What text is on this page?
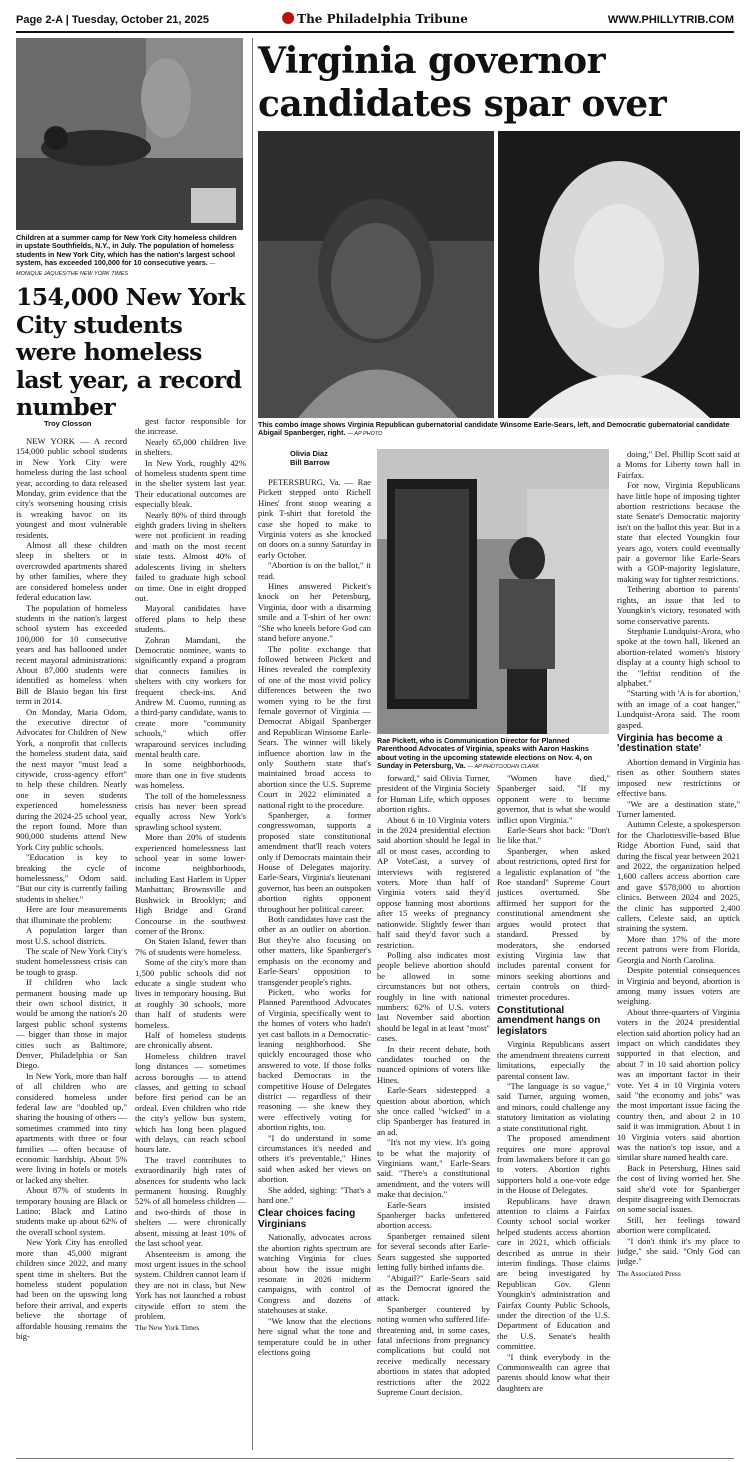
Page 2-A | Tuesday, October 21, 2025	The Philadelphia Tribune	WWW.PHILLYTRIB.COM
Children at a summer camp for New York City homeless children in upstate Southfields, N.Y., in July. The population of homeless students in New York City, which has the nation's largest school system, has exceeded 100,000 for 10 consecutive years. — MONIQUE JAQUES/THE NEW YORK TIMES
154,000 New York City students were homeless last year, a record number
Troy Closson

NEW YORK — A record 154,000 public school students in New York City were homeless during the last school year, according to data released Monday, grim evidence that the city's worsening housing crisis is wreaking havoc on its youngest and most vulnerable residents.

Almost all these children sleep in shelters or in overcrowded apartments shared by other families, where they are considered homeless under federal education law.

The population of homeless students in the nation's largest school system has exceeded 100,000 for 10 consecutive years and has ballooned under recent mayoral administrations: About 87,000 students were identified as homeless when Bill de Blasio began his first term in 2014.

On Monday, Maria Odom, the executive director of Advocates for Children of New York, a nonprofit that collects the homeless student data, said the next mayor "must lead a citywide, cross-agency effort" to help these children. Nearly one in seven students experienced homelessness during the 2024-25 school year, the report found. More than 900,000 students attend New York City public schools.

"Education is key to breaking the cycle of homelessness," Odom said. "But our city is currently failing students in shelter."

Here are four measurements that illuminate the problem:

A population larger than most U.S. school districts.

The scale of New York City's student homelessness crisis can be tough to grasp.

If children who lack permanent housing made up their own school district, it would be among the nation's 20 largest public school systems — bigger than those in major cities such as Baltimore, Denver, Philadelphia or San Diego.

In New York, more than half of all children who are considered homeless under federal law are "doubled up," sharing the housing of others — sometimes crammed into tiny apartments with three or four families — often because of economic hardship. About 5% were living in hotels or motels or lacked any shelter.

About 87% of students in temporary housing are Black or Latino; Black and Latino students make up about 62% of the overall school system.

New York City has enrolled more than 45,000 migrant children since 2022, and many spent time in shelters. But the homeless student population had been on the upswing long before their arrival, and experts believe the shortage of affordable housing remains the big-

gest factor responsible for the increase.

Nearly 65,000 children live in shelters.

In New York, roughly 42% of homeless students spent time in the shelter system last year. Their educational outcomes are especially bleak.

Nearly 80% of third through eighth graders living in shelters were not proficient in reading and math on the most recent state tests. Almost 40% of adolescents living in shelters failed to graduate high school on time. One in eight dropped out.

Mayoral candidates have offered plans to help these students.

Zohran Mamdani, the Democratic nominee, wants to significantly expand a program that connects families in shelters with city workers for frequent check-ins. And Andrew M. Cuomo, running as a third-party candidate, wants to create more "community schools," which offer wraparound services including mental health care.

In some neighborhoods, more than one in five students was homeless.

The toll of the homelessness crisis has never been spread equally across New York's sprawling school system.

More than 20% of students experienced homelessness last school year in some lower-income neighborhoods, including East Harlem in Upper Manhattan; Brownsville and Bushwick in Brooklyn; and High Bridge and Grand Concourse in the southwest corner of the Bronx.

On Staten Island, fewer than 7% of students were homeless.

Some of the city's more than 1,500 public schools did not educate a single student who lives in temporary housing. But at roughly 30 schools, more than half of students were homeless.

Half of homeless students are chronically absent.

Homeless children travel long distances — sometimes across boroughs — to attend classes, and getting to school before first period can be an ordeal. Even children who ride the city's yellow bus system, which has long been plagued with delays, can reach school hours late.

The travel contributes to extraordinarily high rates of absences for students who lack permanent housing. Roughly 52% of all homeless children — and two-thirds of those in shelters — were chronically absent, missing at least 10% of the last school year.

Absenteeism is among the most urgent issues in the school system. Children cannot learn if they are not in class, but New York has not launched a robust citywide effort to stem the problem.

The New York Times

Virginia governor candidates spar over
This combo image shows Virginia Republican gubernatorial candidate Winsome Earle-Sears, left, and Democratic gubernatorial candidate Abigail Spanberger, right. — AP PHOTO
Olivia Diaz
Bill Barrow

PETERSBURG, Va. — Rae Pickett stepped onto Richell Hines' front stoop wearing a pink T-shirt that foretold the case she hoped to make to Virginia voters as she knocked on doors on a sunny Saturday in early October.

"Abortion is on the ballot," it read.

Hines answered Pickett's knock on her Petersburg, Virginia, door with a disarming smile and a T-shirt of her own: "She who kneels before God can stand before anyone."

The polite exchange that followed between Pickett and Hines revealed the complexity of one of the most vivid policy differences between the two women vying to be the first female governor of Virginia — Democrat Abigail Spanberger and Republican Winsome Earle-Sears. The winner will likely influence abortion law in the only Southern state that's maintained broad access to abortion since the U.S. Supreme Court in 2022 eliminated a national right to the procedure.

Spanberger, a former congresswoman, supports a proposed state constitutional amendment that'll reach voters only if Democrats maintain their House of Delegates majority. Earle-Sears, Virginia's lieutenant governor, has been an outspoken abortion rights opponent throughout her political career.

Both candidates have cast the other as an outlier on abortion. But they're also focusing on other matters, like Spanberger's emphasis on the economy and Earle-Sears' opposition to transgender people's rights.

Pickett, who works for Planned Parenthood Advocates of Virginia, specifically went to the homes of voters who hadn't yet cast ballots in a Democratic-leaning neighborhood. She quickly encouraged those who answered to vote. If those folks backed Democrats in the competitive House of Delegates district — regardless of their reasoning — she knew they were effectively voting for abortion rights, too.

"I do understand in some circumstances it's needed and others it's preventable," Hines said when asked her views on abortion.

She added, sighing: "That's a hard one."

Clear choices facing Virginians

Nationally, advocates across the abortion rights spectrum are watching Virginia for clues about how the issue might resonate in 2026 midterm campaigns, with control of Congress and dozens of statehouses at stake.

"We know that the elections here signal what the tone and temperature could be in other elections going

Rae Pickett, who is Communication Director for Planned Parenthood Advocates of Virginia, speaks with Aaron Haskins about voting in the upcoming statewide elections on Nov. 4, on Sunday in Petersburg, Va. — AP PHOTO/JOHN CLARK

forward," said Olivia Turner, president of the Virginia Society for Human Life, which opposes abortion rights.

About 6 in 10 Virginia voters in the 2024 presidential election said abortion should be legal in all or most cases, according to AP VoteCast, a survey of interviews with registered voters. More than half of Virginia voters said they'd oppose banning most abortions after 15 weeks of pregnancy nationwide. Slightly fewer than half said they'd favor such a restriction.

Polling also indicates most people believe abortion should be allowed in some circumstances but not others, roughly in line with national numbers: 62% of U.S. voters last November said abortion should be legal in at least "most" cases.

In their recent debate, both candidates touched on the nuanced opinions of voters like Hines.

Earle-Sears sidestepped a question about abortion, which she once called "wicked" in a clip Spanberger has featured in an ad.

"It's not my view. It's going to be what the majority of Virginians want," Earle-Sears said. "There's a constitutional amendment, and the voters will make that decision."

Earle-Sears insisted Spanberger backs unfettered abortion access.

Spanberger remained silent for several seconds after Earle-Sears suggested she supported letting fully birthed infants die.

"Abigail?" Earle-Sears said as the Democrat ignored the attack.

Spanberger countered by noting women who suffered life-threatening and, in some cases, fatal infections from pregnancy complications but could not receive medically necessary abortions in states that adopted restrictions after the 2022 Supreme Court decision.

"Women have died," Spanberger said. "If my opponent were to become governor, that is what she would inflict upon Virginia."

Earle-Sears shot back: "Don't lie like that."

Spanberger, when asked about restrictions, opted first for a legalistic explanation of "the Roe standard" Supreme Court justices overturned. She affirmed her support for the constitutional amendment she argues would protect that standard. Pressed by moderators, she endorsed existing Virginia law that includes parental consent for minors seeking abortions and certain controls on third-trimester procedures.

Constitutional amendment hangs on legislators

Virginia Republicans assert the amendment threatens current limitations, especially the parental consent law.

"The language is so vague," said Turner, arguing women, and minors, could challenge any statutory limitation as violating a state constitutional right.

The proposed amendment requires one more approval from lawmakers before it can go to voters. Abortion rights supporters hold a one-vote edge in the House of Delegates.

Republicans have drawn attention to claims a Fairfax County school social worker helped students access abortion care in 2021, which officials described as untrue in their interim findings. Those claims are being investigated by Republican Gov. Glenn Youngkin's administration and Fairfax County Public Schools, under the direction of the U.S. Department of Education and the U.S. Senate's health committee.

"I think everybody in the Commonwealth can agree that parents should know what their daughters are

doing," Del. Phillip Scott said at a Moms for Liberty town hall in Fairfax.

For now, Virginia Republicans have little hope of imposing tighter abortion restrictions because the state Senate's Democratic majority isn't on the ballot this year. But in a state that elected Youngkin four years ago, voters could eventually pair a governor like Earle-Sears with a GOP-majority legislature, making way for tighter restrictions.

Tethering abortion to parents' rights, an issue that led to Youngkin's victory, resonated with some conservative parents.

Stephanie Lundquist-Arora, who spoke at the town hall, likened an abortion-related women's history display at a county high school to the "leftist rendition of the alphabet."

"Starting with 'A is for abortion,' with an image of a coat hanger," Lundquist-Arora said. The room gasped.

Virginia has become a 'destination state'

Abortion demand in Virginia has risen as other Southern states imposed new restrictions or effective bans.

"We are a destination state," Turner lamented.

Autumn Celeste, a spokesperson for the Charlottesville-based Blue Ridge Abortion Fund, said that during the fiscal year between 2021 and 2022, the organization helped 1,600 callers access abortion care and gave $578,000 to abortion clinics. Between 2024 and 2025, the clinic has supported 2,400 callers, Celeste said, an uptick straining the system.

More than 17% of the more recent patrons were from Florida, Georgia and North Carolina.

Despite potential consequences in Virginia and beyond, abortion is among many issues voters are weighing.

About three-quarters of Virginia voters in the 2024 presidential election said abortion policy had an impact on which candidates they supported in that election, and about 7 in 10 said abortion policy was an important factor in their vote. Yet 4 in 10 Virginia voters said "the economy and jobs" was the most important issue facing the country then, and about 2 in 10 said it was immigration. About 1 in 10 Virginia voters said abortion was the nation's top issue, and a similar share named health care.

Back in Petersburg, Hines said the cost of living worried her. She said she'd vote for Spanberger despite disagreeing with Democrats on some social issues.

Still, her feelings toward abortion were complicated.

"I don't think it's my place to judge," she said. "Only God can judge."

The Associated Press
